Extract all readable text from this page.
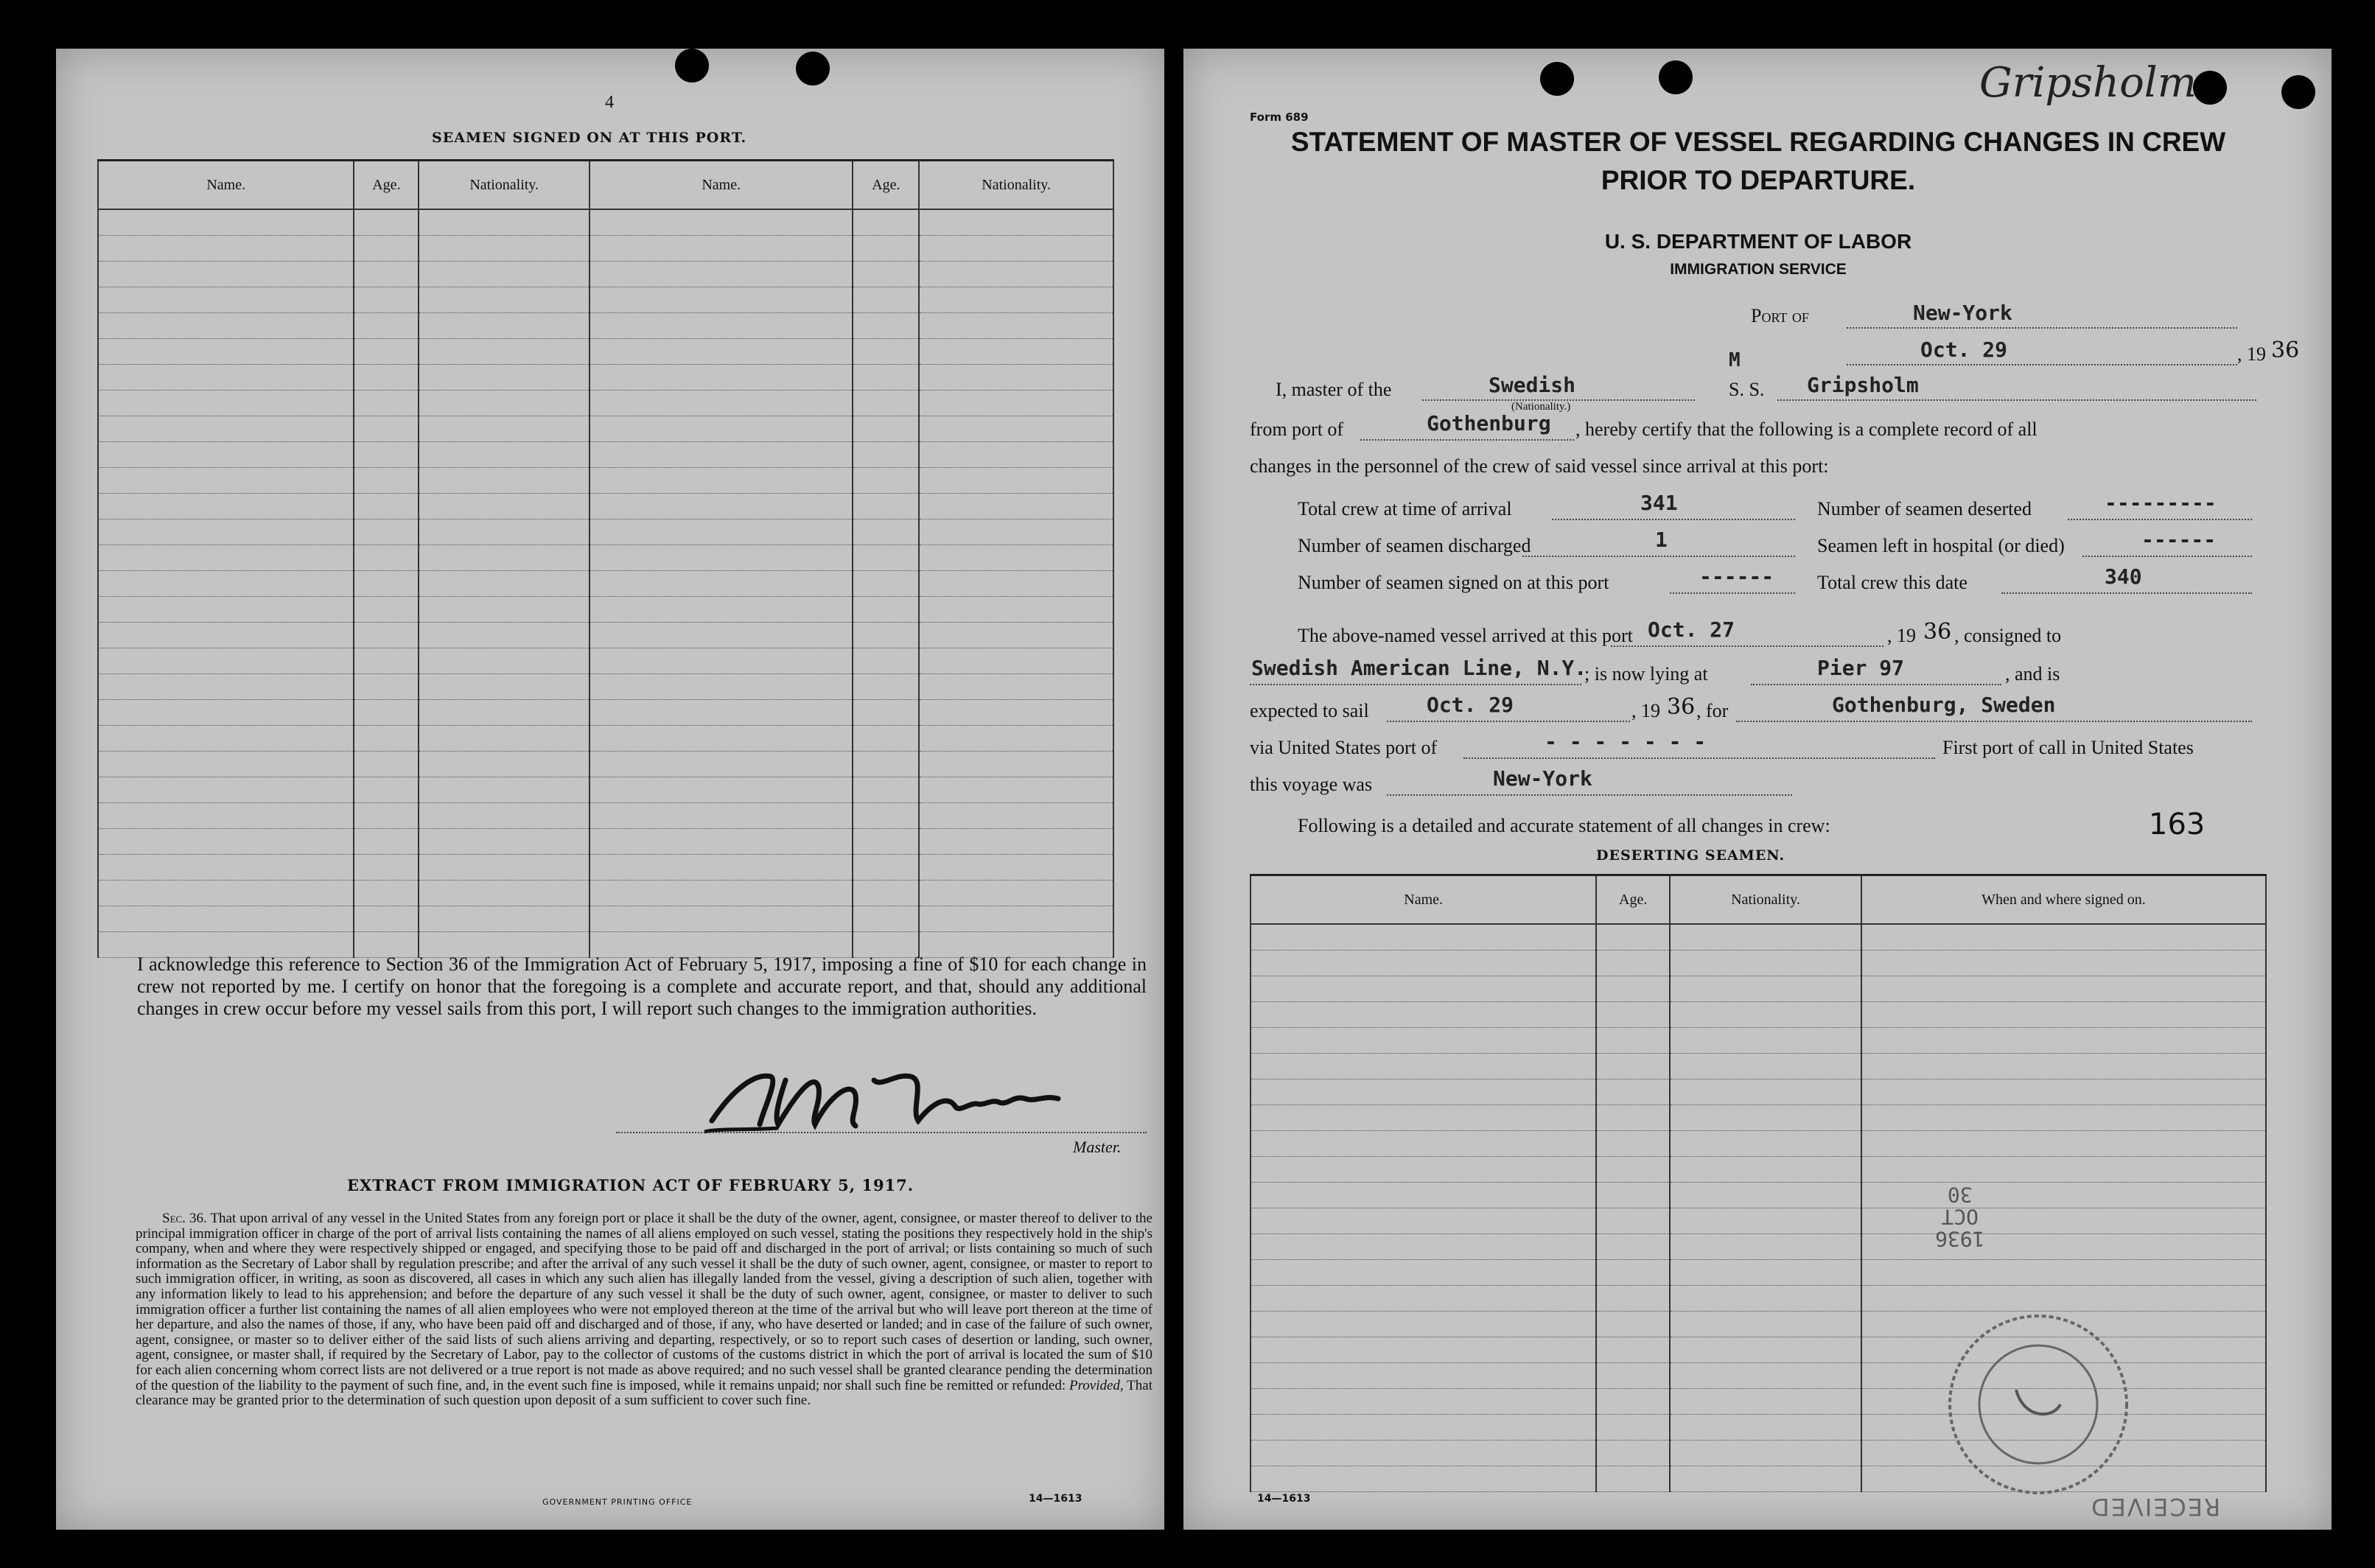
4
SEAMEN SIGNED ON AT THIS PORT.
Name.	Age.	Nationality.	Name.	Age.	Nationality.

I acknowledge this reference to Section 36 of the Immigration Act of February 5, 1917, imposing a fine of $10 for each change in crew not reported by me. I certify on honor that the foregoing is a complete and accurate report, and that, should any additional changes in crew occur before my vessel sails from this port, I will report such changes to the immigration authorities.
Master.
EXTRACT FROM IMMIGRATION ACT OF FEBRUARY 5, 1917.
Sec. 36. That upon arrival of any vessel in the United States from any foreign port or place it shall be the duty of the owner, agent, consignee, or master thereof to deliver to the principal immigration officer in charge of the port of arrival lists containing the names of all aliens employed on such vessel, stating the positions they respectively hold in the ship's company, when and where they were respectively shipped or engaged, and specifying those to be paid off and discharged in the port of arrival; or lists containing so much of such information as the Secretary of Labor shall by regulation prescribe; and after the arrival of any such vessel it shall be the duty of such owner, agent, consignee, or master to report to such immigration officer, in writing, as soon as discovered, all cases in which any such alien has illegally landed from the vessel, giving a description of such alien, together with any information likely to lead to his apprehension; and before the departure of any such vessel it shall be the duty of such owner, agent, consignee, or master to deliver to such immigration officer a further list containing the names of all alien employees who were not employed thereon at the time of the arrival but who will leave port thereon at the time of her departure, and also the names of those, if any, who have been paid off and discharged and of those, if any, who have deserted or landed; and in case of the failure of such owner, agent, consignee, or master so to deliver either of the said lists of such aliens arriving and departing, respectively, or so to report such cases of desertion or landing, such owner, agent, consignee, or master shall, if required by the Secretary of Labor, pay to the collector of customs of the customs district in which the port of arrival is located the sum of $10 for each alien concerning whom correct lists are not delivered or a true report is not made as above required; and no such vessel shall be granted clearance pending the determination of the question of the liability to the payment of such fine, and, in the event such fine is imposed, while it remains unpaid; nor shall such fine be remitted or refunded: Provided, That clearance may be granted prior to the determination of such question upon deposit of a sum sufficient to cover such fine.
GOVERNMENT PRINTING OFFICE	14—1613
Gripsholm
Form 689
STATEMENT OF MASTER OF VESSEL REGARDING CHANGES IN CREW
PRIOR TO DEPARTURE.
U. S. DEPARTMENT OF LABOR
IMMIGRATION SERVICE
Port of	New-York
Oct. 29	, 19 36
I, master of the	Swedish
(Nationality.)
M
S. S. Gripsholm
from port of	Gothenburg , hereby certify that the following is a complete record of all
changes in the personnel of the crew of said vessel since arrival at this port:
Total crew at time of arrival	341	Number of seamen deserted	---------
Number of seamen discharged	1	Seamen left in hospital (or died)	------
Number of seamen signed on at this port	------ Total crew this date	340
The above-named vessel arrived at this port Oct. 27	, 19 36 , consigned to
Swedish American Line, N.Y.
; is now lying at	Pier 97	, and is
expected to sail	Oct. 29	, 19 36 , for	Gothenburg, Sweden
via United States port of	- - - - - - -	First port of call in United States
this voyage was	New-York
Following is a detailed and accurate statement of all changes in crew:	163
DESERTING SEAMEN.
Name.	Age.	Nationality.	When and where signed on.

1936
OCT
30
RECEIVED
14—1613
